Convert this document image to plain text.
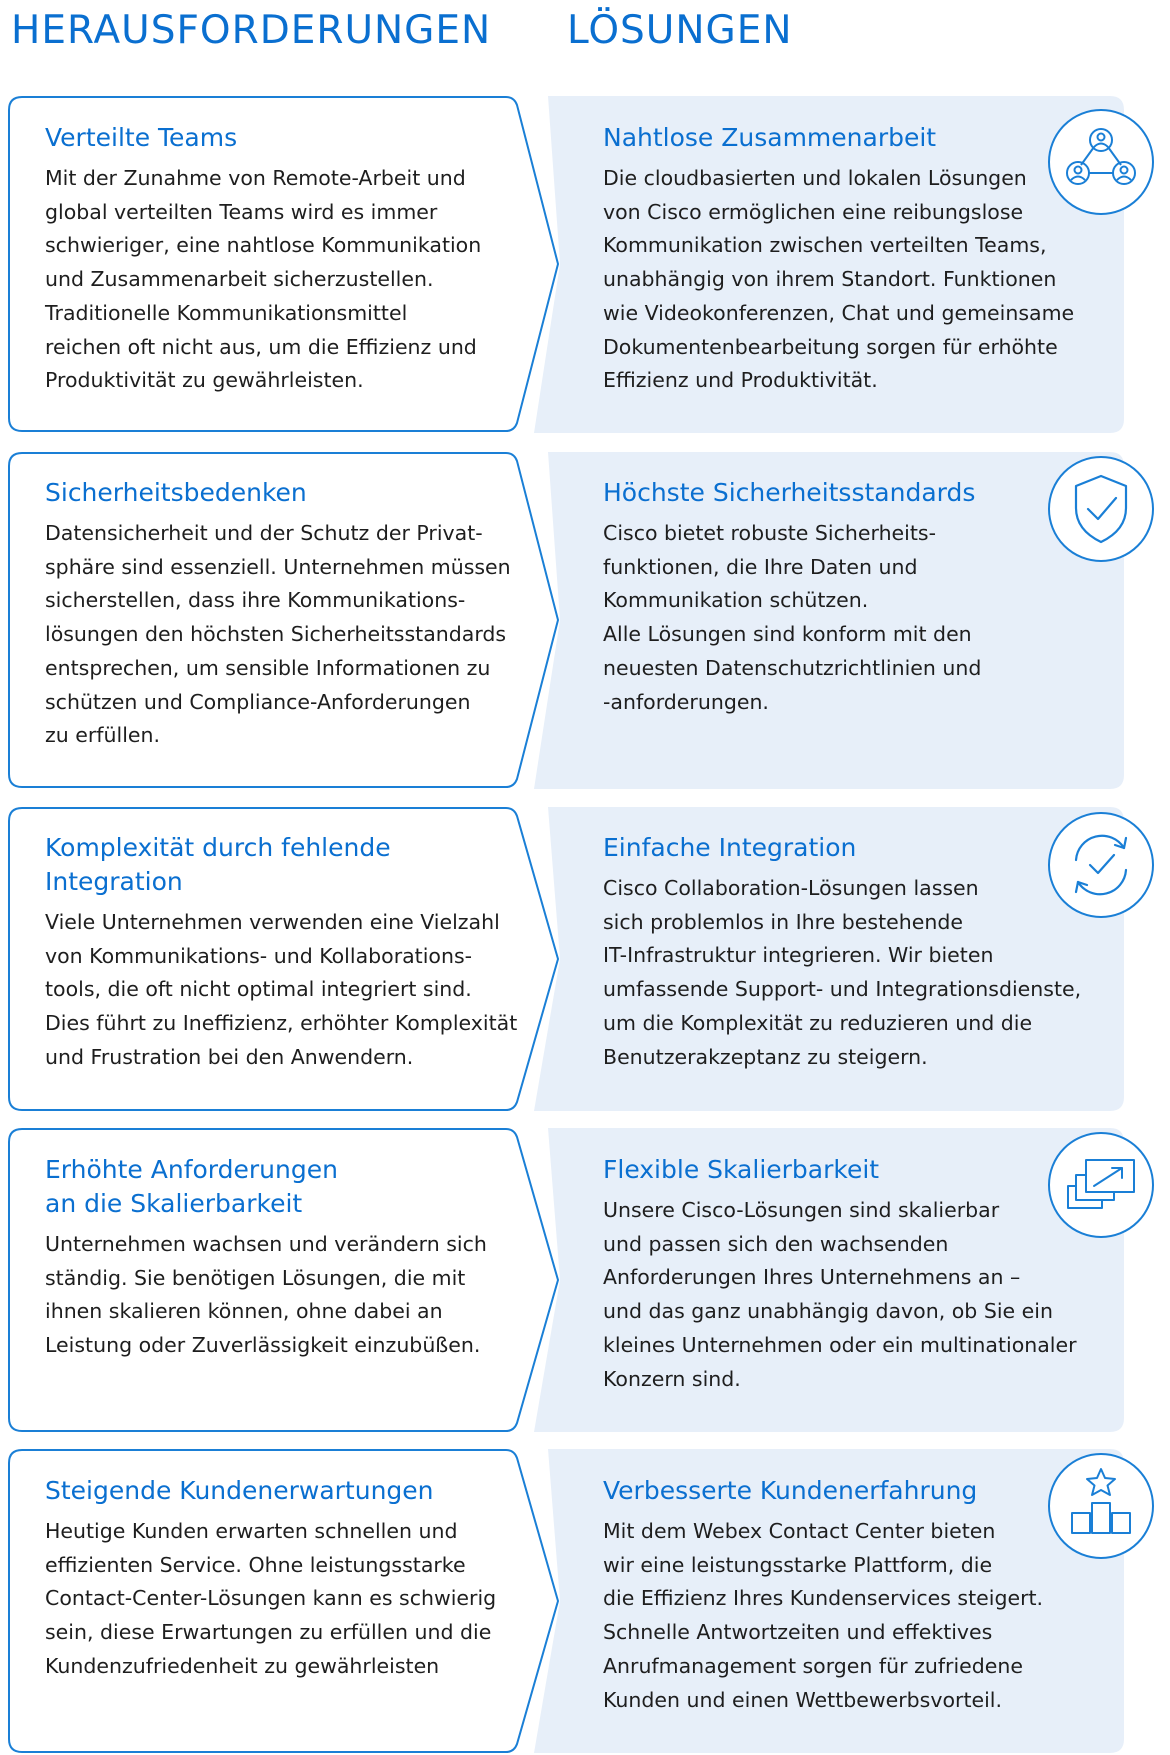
HERAUSFORDERUNGEN LÖSUNGEN
Verteilte Teams

Mit der Zunahme von Remote-Arbeit und
global verteilten Teams wird es immer
schwieriger, eine nahtlose Kommunikation
und Zusammenarbeit sicherzustellen.
Traditionelle Kommunikationsmittel
reichen oft nicht aus, um die Effizienz und
Produktivität zu gewährleisten.

Nahtlose Zusammenarbeit

Die cloudbasierten und lokalen Lösungen
von Cisco ermöglichen eine reibungslose
Kommunikation zwischen verteilten Teams,
unabhängig von ihrem Standort. Funktionen
wie Videokonferenzen, Chat und gemeinsame
Dokumentenbearbeitung sorgen für erhöhte
Effizienz und Produktivität.

Sicherheitsbedenken

Datensicherheit und der Schutz der Privat-
sphäre sind essenziell. Unternehmen müssen
sicherstellen, dass ihre Kommunikations-
lösungen den höchsten Sicherheitsstandards
entsprechen, um sensible Informationen zu
schützen und Compliance-Anforderungen
zu erfüllen.

Höchste Sicherheitsstandards

Cisco bietet robuste Sicherheits-
funktionen, die Ihre Daten und
Kommunikation schützen.
Alle Lösungen sind konform mit den
neuesten Datenschutzrichtlinien und
-anforderungen.

Komplexität durch fehlende
Integration

Viele Unternehmen verwenden eine Vielzahl
von Kommunikations- und Kollaborations-
tools, die oft nicht optimal integriert sind.
Dies führt zu Ineffizienz, erhöhter Komplexität
und Frustration bei den Anwendern.

Einfache Integration

Cisco Collaboration-Lösungen lassen
sich problemlos in Ihre bestehende
IT-Infrastruktur integrieren. Wir bieten
umfassende Support- und Integrationsdienste,
um die Komplexität zu reduzieren und die
Benutzerakzeptanz zu steigern.

Erhöhte Anforderungen
an die Skalierbarkeit

Unternehmen wachsen und verändern sich
ständig. Sie benötigen Lösungen, die mit
ihnen skalieren können, ohne dabei an
Leistung oder Zuverlässigkeit einzubüßen.

Flexible Skalierbarkeit

Unsere Cisco-Lösungen sind skalierbar
und passen sich den wachsenden
Anforderungen Ihres Unternehmens an –
und das ganz unabhängig davon, ob Sie ein
kleines Unternehmen oder ein multinationaler
Konzern sind.

Steigende Kundenerwartungen

Heutige Kunden erwarten schnellen und
effizienten Service. Ohne leistungsstarke
Contact-Center-Lösungen kann es schwierig
sein, diese Erwartungen zu erfüllen und die
Kundenzufriedenheit zu gewährleisten

Verbesserte Kundenerfahrung

Mit dem Webex Contact Center bieten
wir eine leistungsstarke Plattform, die
die Effizienz Ihres Kundenservices steigert.
Schnelle Antwortzeiten und effektives
Anrufmanagement sorgen für zufriedene
Kunden und einen Wettbewerbsvorteil.
